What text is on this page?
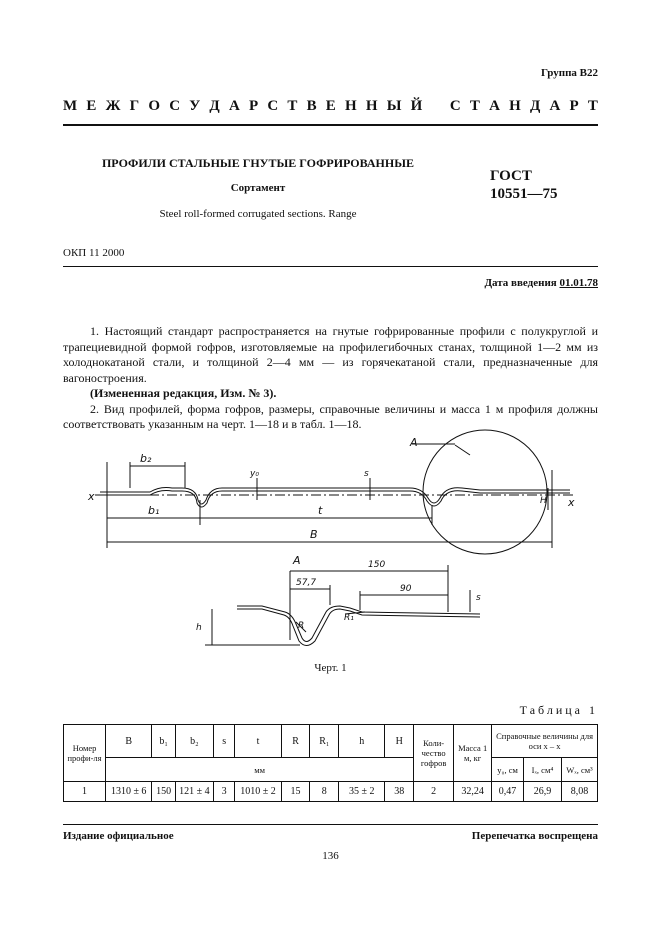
Группа В22
М Е Ж Г О С У Д А Р С Т В Е Н Н Ы Й С Т А Н Д А Р Т
ПРОФИЛИ СТАЛЬНЫЕ ГНУТЫЕ ГОФРИРОВАННЫЕ
Сортамент
Steel roll-formed corrugated sections. Range
ГОСТ
10551—75
ОКП 11 2000
Дата введения 01.01.78

1. Настоящий стандарт распространяется на гнутые гофрированные профили с полукруглой и трапециевидной формой гофров, изготовляемые на профилегибочных станах, толщиной 1—2 мм из холоднокатаной стали, и толщиной 2—4 мм — из горячекатаной стали, предназначенные для вагоностроения.

(Измененная редакция, Изм. № 3).

2. Вид профилей, форма гофров, размеры, справочные величины и масса 1 м профиля должны соответствовать указанным на черт. 1—18 и в табл. 1—18.

A
b₂
y₀	s
x	x
H
b₁	t
B
A	150
57,7
90
h	R
R₁
s
Черт. 1
Таблица 1
Номер профи-ля	B	b₁	b₂	s	t	R	R₁	h	H	Коли-чество гофров	Масса 1 м, кг	Справочные величины для оси x – x		
	мм											y₀, см	Iₓ, см⁴	Wₓ, см³
1	1310 ± 6	150	121 ± 4	3	1010 ± 2	15	8	35 ± 2	38	2	32,24	0,47	26,9	8,08
Издание официальное	Перепечатка воспрещена
136
